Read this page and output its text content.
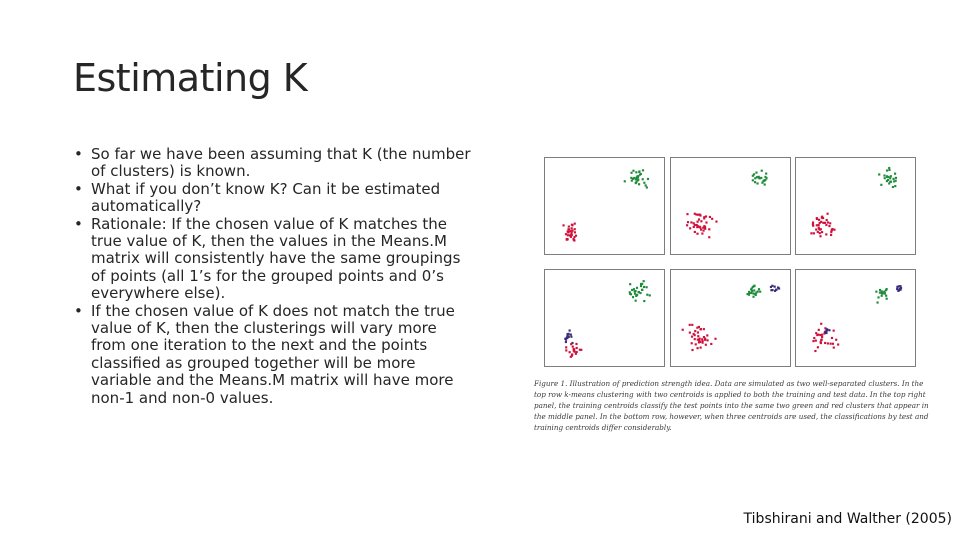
Estimating K
• So far we have been assuming that K (the number of clusters) is known.
• What if you don’t know K? Can it be estimated automatically?
• Rationale: If the chosen value of K matches the true value of K, then the values in the Means.M matrix will consistently have the same groupings of points (all 1’s for the grouped points and 0’s everywhere else).
• If the chosen value of K does not match the true value of K, then the clusterings will vary more from one iteration to the next and the points classified as grouped together will be more variable and the Means.M matrix will have more non-1 and non-0 values.
Figure 1. Illustration of prediction strength idea. Data are simulated as two well-separated clusters. In the top row k-means clustering with two centroids is applied to both the training and test data. In the top right panel, the training centroids classify the test points into the same two green and red clusters that appear in the middle panel. In the bottom row, however, when three centroids are used, the classifications by test and training centroids differ considerably.
Tibshirani and Walther (2005)
